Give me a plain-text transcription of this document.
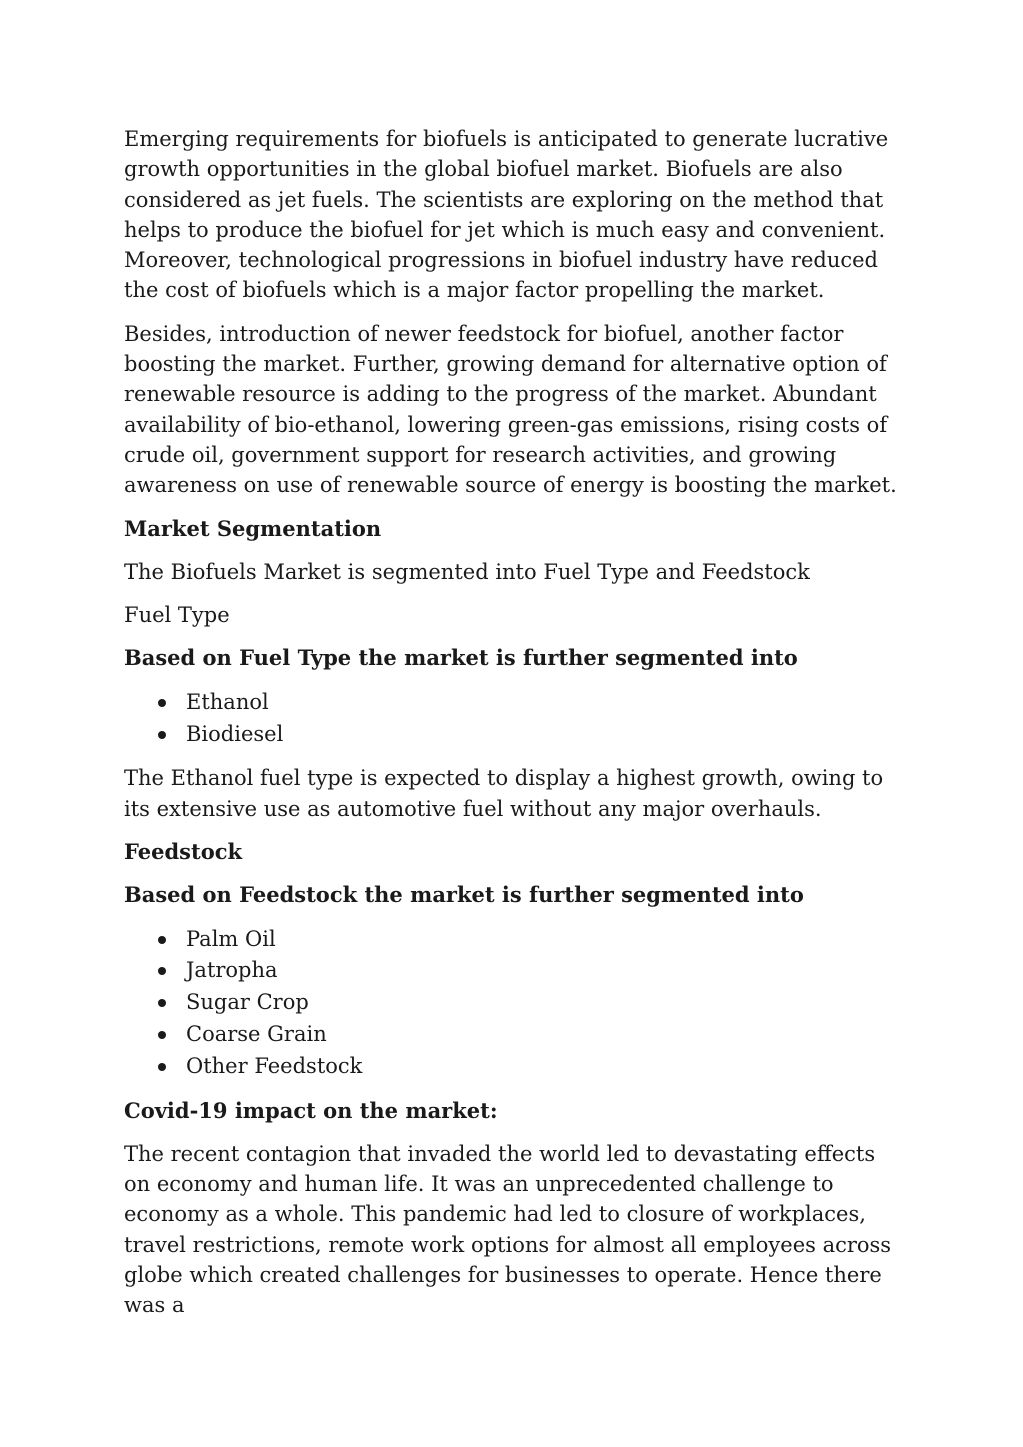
Emerging requirements for biofuels is anticipated to generate lucrative growth opportunities in the global biofuel market. Biofuels are also considered as jet fuels. The scientists are exploring on the method that helps to produce the biofuel for jet which is much easy and convenient. Moreover, technological progressions in biofuel industry have reduced the cost of biofuels which is a major factor propelling the market.

Besides, introduction of newer feedstock for biofuel, another factor boosting the market. Further, growing demand for alternative option of renewable resource is adding to the progress of the market. Abundant availability of bio-ethanol, lowering green-gas emissions, rising costs of crude oil, government support for research activities, and growing awareness on use of renewable source of energy is boosting the market.

Market Segmentation

The Biofuels Market is segmented into Fuel Type and Feedstock

Fuel Type

Based on Fuel Type the market is further segmented into
Ethanol
Biodiesel

The Ethanol fuel type is expected to display a highest growth, owing to its extensive use as automotive fuel without any major overhauls.

Feedstock
Based on Feedstock the market is further segmented into
Palm Oil
Jatropha
Sugar Crop
Coarse Grain
Other Feedstock
Covid-19 impact on the market:

The recent contagion that invaded the world led to devastating effects on economy and human life. It was an unprecedented challenge to economy as a whole. This pandemic had led to closure of workplaces, travel restrictions, remote work options for almost all employees across globe which created challenges for businesses to operate. Hence there was a
